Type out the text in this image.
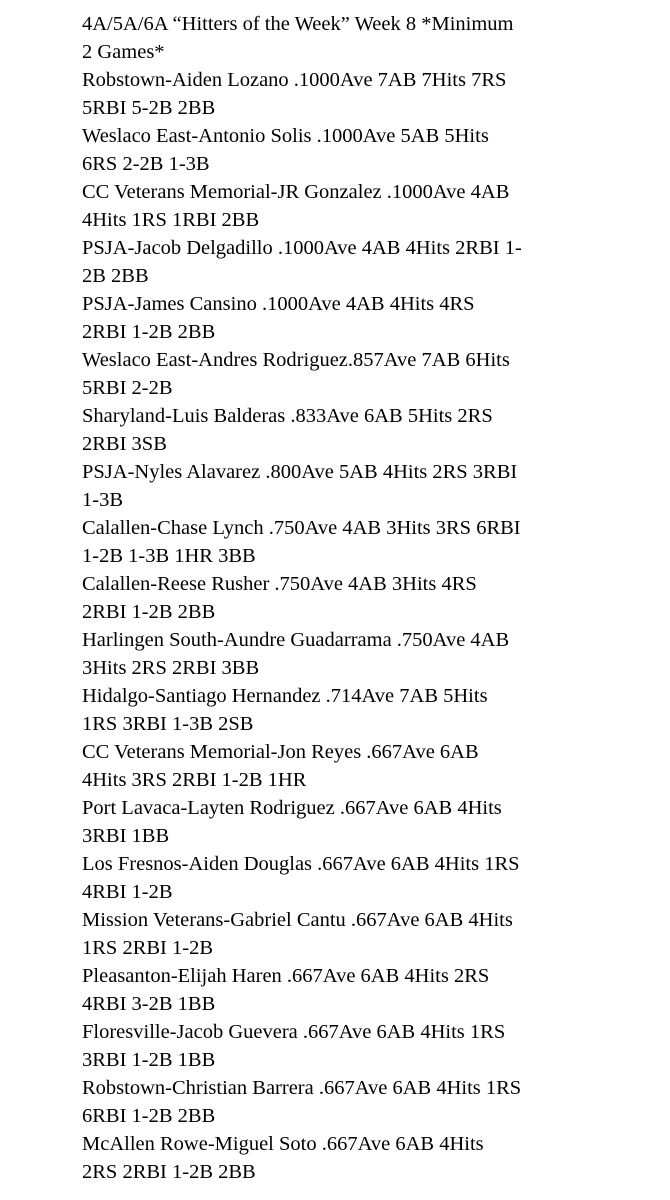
4A/5A/6A “Hitters of the Week” Week 8 *Minimum
2 Games*
Robstown-Aiden Lozano .1000Ave 7AB 7Hits 7RS
5RBI 5-2B 2BB
Weslaco East-Antonio Solis .1000Ave 5AB 5Hits
6RS 2-2B 1-3B
CC Veterans Memorial-JR Gonzalez .1000Ave 4AB
4Hits 1RS 1RBI 2BB
PSJA-Jacob Delgadillo .1000Ave 4AB 4Hits 2RBI 1-
2B 2BB
PSJA-James Cansino .1000Ave 4AB 4Hits 4RS
2RBI 1-2B 2BB
Weslaco East-Andres Rodriguez.857Ave 7AB 6Hits
5RBI 2-2B
Sharyland-Luis Balderas .833Ave 6AB 5Hits 2RS
2RBI 3SB
PSJA-Nyles Alavarez .800Ave 5AB 4Hits 2RS 3RBI
1-3B
Calallen-Chase Lynch .750Ave 4AB 3Hits 3RS 6RBI
1-2B 1-3B 1HR 3BB
Calallen-Reese Rusher .750Ave 4AB 3Hits 4RS
2RBI 1-2B 2BB
Harlingen South-Aundre Guadarrama .750Ave 4AB
3Hits 2RS 2RBI 3BB
Hidalgo-Santiago Hernandez .714Ave 7AB 5Hits
1RS 3RBI 1-3B 2SB
CC Veterans Memorial-Jon Reyes .667Ave 6AB
4Hits 3RS 2RBI 1-2B 1HR
Port Lavaca-Layten Rodriguez .667Ave 6AB 4Hits
3RBI 1BB
Los Fresnos-Aiden Douglas .667Ave 6AB 4Hits 1RS
4RBI 1-2B
Mission Veterans-Gabriel Cantu .667Ave 6AB 4Hits
1RS 2RBI 1-2B
Pleasanton-Elijah Haren .667Ave 6AB 4Hits 2RS
4RBI 3-2B 1BB
Floresville-Jacob Guevera .667Ave 6AB 4Hits 1RS
3RBI 1-2B 1BB
Robstown-Christian Barrera .667Ave 6AB 4Hits 1RS
6RBI 1-2B 2BB
McAllen Rowe-Miguel Soto .667Ave 6AB 4Hits
2RS 2RBI 1-2B 2BB
